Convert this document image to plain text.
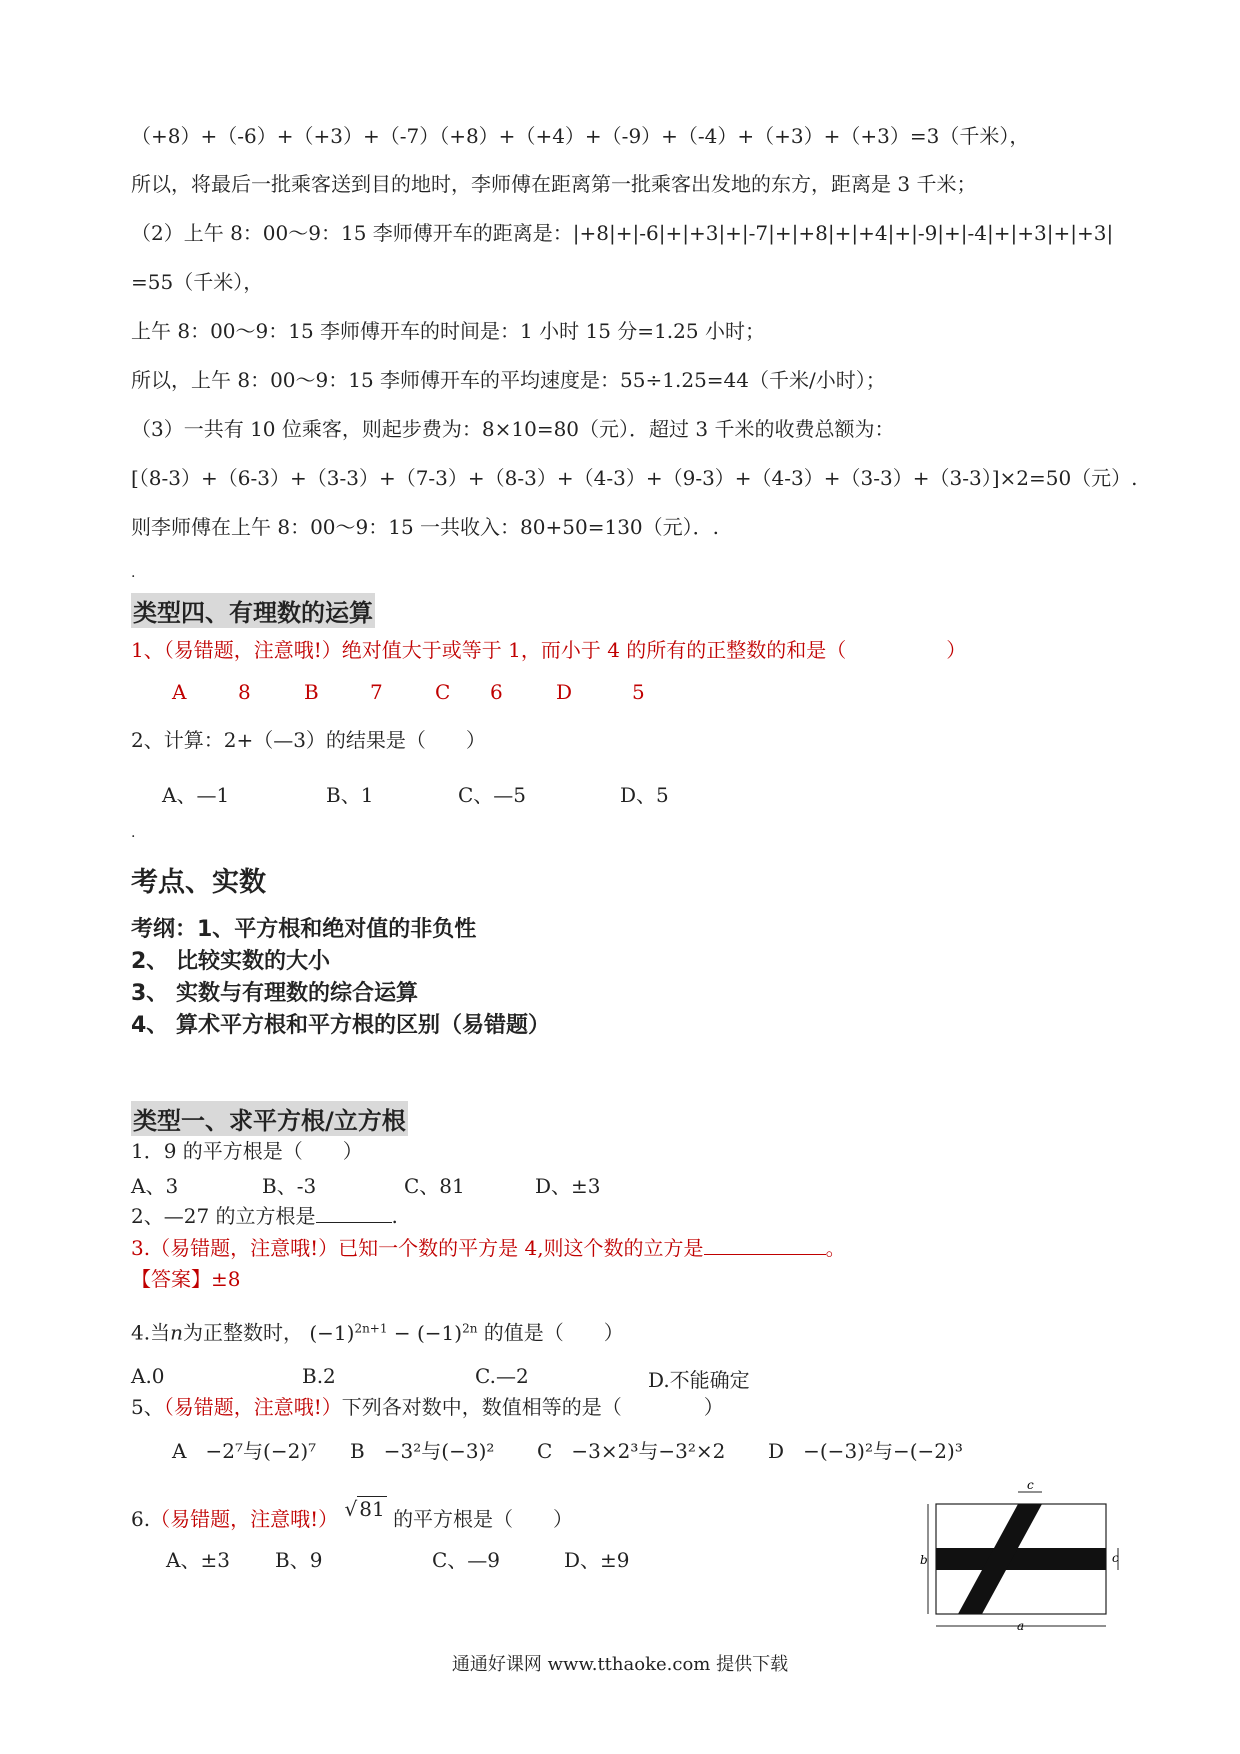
（+8）+（-6）+（+3）+（-7）（+8）+（+4）+（-9）+（-4）+（+3）+（+3）=3（千米），
所以，将最后一批乘客送到目的地时，李师傅在距离第一批乘客出发地的东方，距离是 3 千米；
（2）上午 8：00～9：15 李师傅开车的距离是：|+8|+|-6|+|+3|+|-7|+|+8|+|+4|+|-9|+|-4|+|+3|+|+3|
=55（千米），
上午 8：00～9：15 李师傅开车的时间是：1 小时 15 分=1.25 小时；
所以，上午 8：00～9：15 李师傅开车的平均速度是：55÷1.25=44（千米/小时）；
（3）一共有 10 位乘客，则起步费为：8×10=80（元）．超过 3 千米的收费总额为：
[（8-3）+（6-3）+（3-3）+（7-3）+（8-3）+（4-3）+（9-3）+（4-3）+（3-3）+（3-3）]×2=50（元）.
则李师傅在上午 8：00～9：15 一共收入：80+50=130（元）．.
.
类型四、有理数的运算
1、（易错题，注意哦!）绝对值大于或等于 1，而小于 4 的所有的正整数的和是（	）
A	8	B	7	C 6	D	5
2、计算：2+（—3）的结果是（　　）
A、—1	B、1	C、—5	D、5
.
考点、实数
考纲：1、平方根和绝对值的非负性
2、 比较实数的大小
3、 实数与有理数的综合运算
4、 算术平方根和平方根的区别（易错题）
类型一、求平方根/立方根
1．9 的平方根是（　　）
A、3	B、-3	C、81	D、±3
2、—27 的立方根是	.
3.（易错题，注意哦!）已知一个数的平方是 4,则这个数的立方是	。
【答案】±8
4.当n为正整数时， $(-1)^{2n+1} - (-1)^{2n}$ 的值是（　　）
A.0	B.2	C.—2	D.不能确定
5、（易错题，注意哦!）下列各对数中，数值相等的是（	）
A −2⁷与(−2)⁷ B −3²与(−3)² C −3×2³与−3²×2 D −(−3)²与−(−2)³
6.（易错题，注意哦!） √ 81 的平方根是（　　）
A、±3 B、9	C、—9	D、±9	b
a
c
c
通通好课网 www.tthaoke.com 提供下载
